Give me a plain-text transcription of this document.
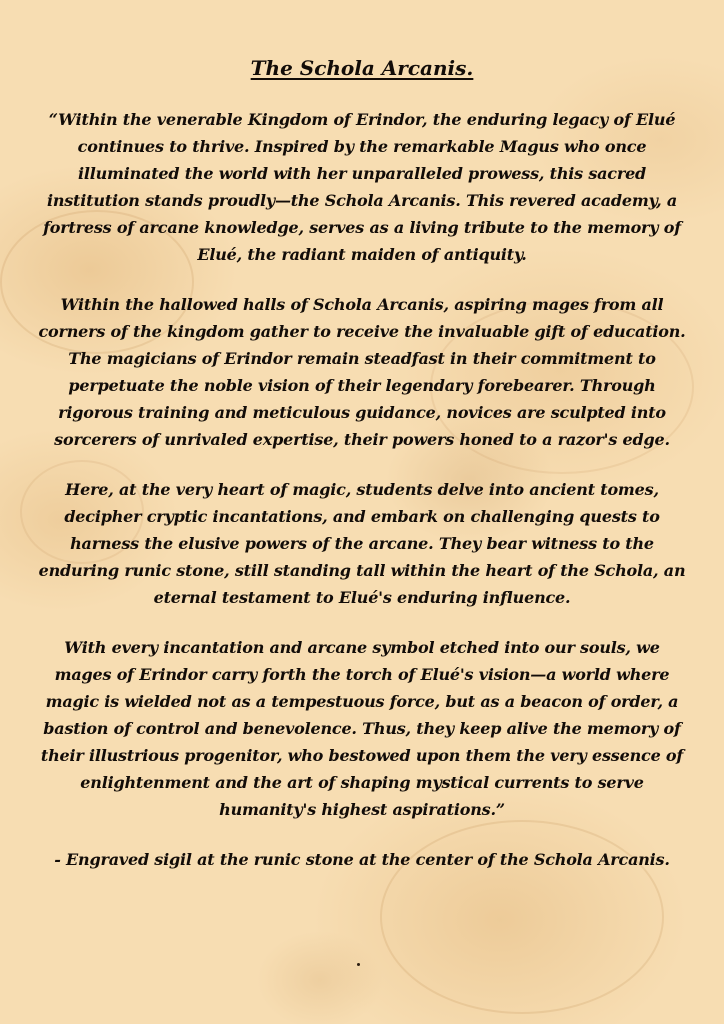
The Schola Arcanis.

“Within the venerable Kingdom of Erindor, the enduring legacy of Elué continues to thrive. Inspired by the remarkable Magus who once illuminated the world with her unparalleled prowess, this sacred institution stands proudly—the Schola Arcanis. This revered academy, a fortress of arcane knowledge, serves as a living tribute to the memory of Elué, the radiant maiden of antiquity.

Within the hallowed halls of Schola Arcanis, aspiring mages from all corners of the kingdom gather to receive the invaluable gift of education. The magicians of Erindor remain steadfast in their commitment to perpetuate the noble vision of their legendary forebearer. Through rigorous training and meticulous guidance, novices are sculpted into sorcerers of unrivaled expertise, their powers honed to a razor's edge.

Here, at the very heart of magic, students delve into ancient tomes, decipher cryptic incantations, and embark on challenging quests to harness the elusive powers of the arcane. They bear witness to the enduring runic stone, still standing tall within the heart of the Schola, an eternal testament to Elué's enduring influence.

With every incantation and arcane symbol etched into our souls, we mages of Erindor carry forth the torch of Elué's vision—a world where magic is wielded not as a tempestuous force, but as a beacon of order, a bastion of control and benevolence. Thus, they keep alive the memory of their illustrious progenitor, who bestowed upon them the very essence of enlightenment and the art of shaping mystical currents to serve humanity's highest aspirations.”

- Engraved sigil at the runic stone at the center of the Schola Arcanis.
